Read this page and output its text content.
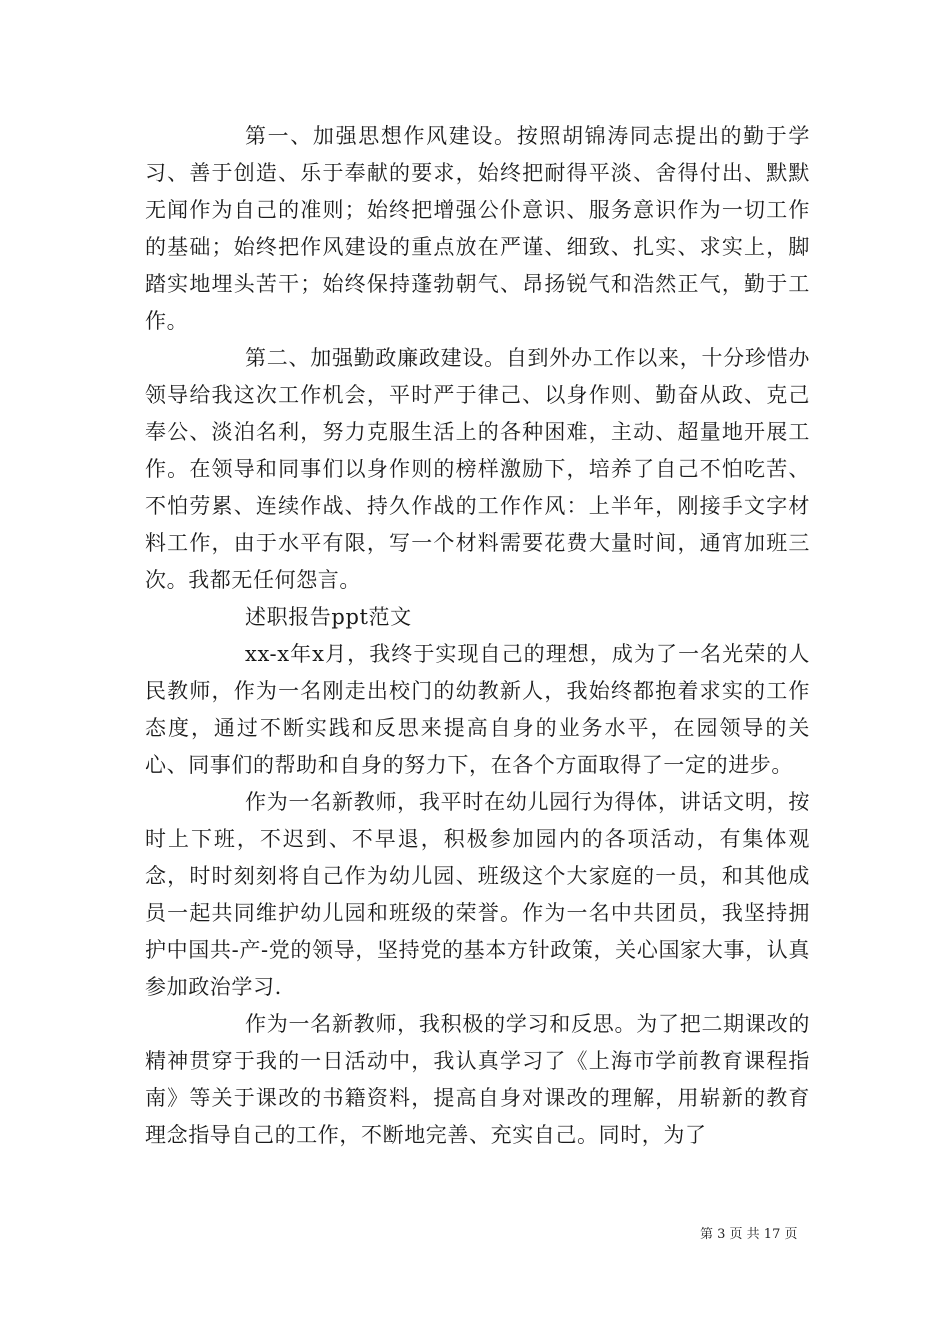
第一、加强思想作风建设。按照胡锦涛同志提出的勤于学习、善于创造、乐于奉献的要求，始终把耐得平淡、舍得付出、默默无闻作为自己的准则；始终把增强公仆意识、服务意识作为一切工作的基础；始终把作风建设的重点放在严谨、细致、扎实、求实上，脚踏实地埋头苦干；始终保持蓬勃朝气、昂扬锐气和浩然正气，勤于工作。

第二、加强勤政廉政建设。自到外办工作以来，十分珍惜办领导给我这次工作机会，平时严于律己、以身作则、勤奋从政、克己奉公、淡泊名利，努力克服生活上的各种困难，主动、超量地开展工作。在领导和同事们以身作则的榜样激励下，培养了自己不怕吃苦、不怕劳累、连续作战、持久作战的工作作风：上半年，刚接手文字材料工作，由于水平有限，写一个材料需要花费大量时间，通宵加班三次。我都无任何怨言。

述职报告ppt范文

xx-x年x月，我终于实现自己的理想，成为了一名光荣的人民教师，作为一名刚走出校门的幼教新人，我始终都抱着求实的工作态度，通过不断实践和反思来提高自身的业务水平，在园领导的关心、同事们的帮助和自身的努力下，在各个方面取得了一定的进步。

作为一名新教师，我平时在幼儿园行为得体，讲话文明，按时上下班，不迟到、不早退，积极参加园内的各项活动，有集体观念，时时刻刻将自己作为幼儿园、班级这个大家庭的一员，和其他成员一起共同维护幼儿园和班级的荣誉。作为一名中共团员，我坚持拥护中国共-产-党的领导，坚持党的基本方针政策，关心国家大事，认真参加政治学习.

作为一名新教师，我积极的学习和反思。为了把二期课改的精神贯穿于我的一日活动中，我认真学习了《上海市学前教育课程指南》等关于课改的书籍资料，提高自身对课改的理解，用崭新的教育理念指导自己的工作，不断地完善、充实自己。同时，为了

第 3 页 共 17 页
